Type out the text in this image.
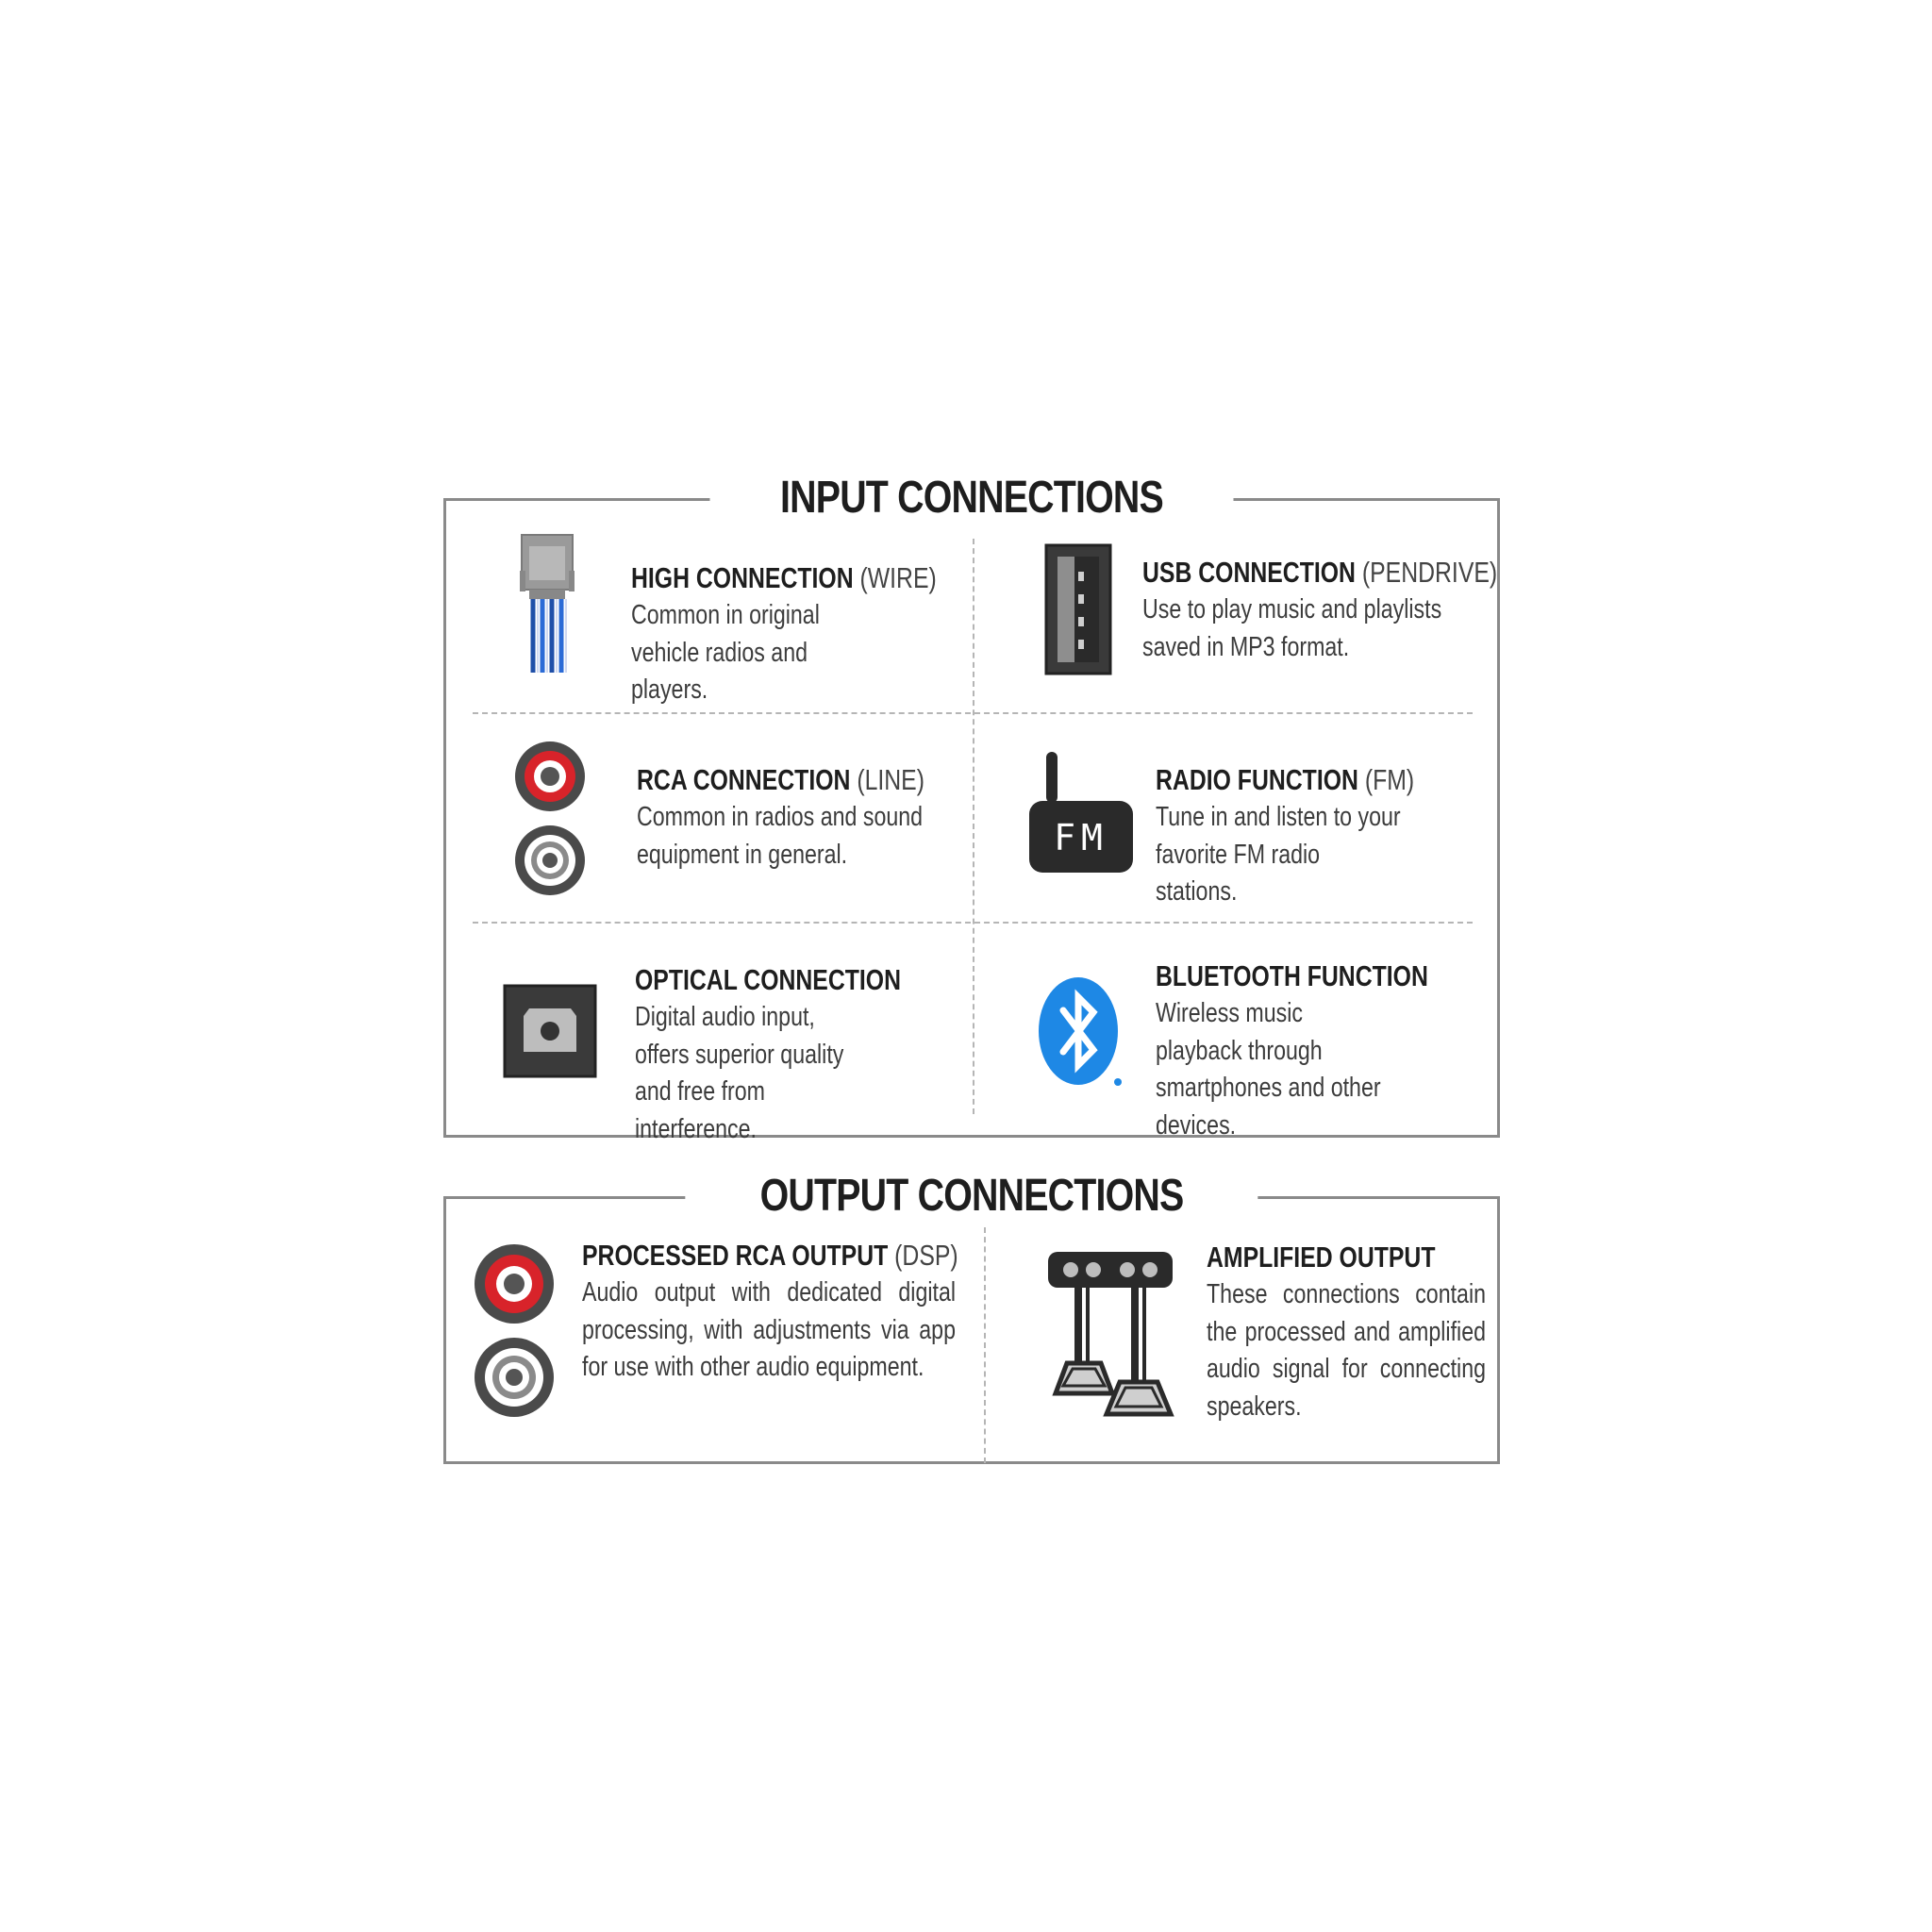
INPUT CONNECTIONS
HIGH CONNECTION (WIRE)
Common in original vehicle radios and players.
USB CONNECTION (PENDRIVE)
Use to play music and playlists saved in MP3 format.
RCA CONNECTION (LINE)
Common in radios and sound equipment in general.	FM
RADIO FUNCTION (FM)
Tune in and listen to your favorite FM radio stations.
OPTICAL CONNECTION
Digital audio input, offers superior quality and free from interference.
BLUETOOTH FUNCTION
Wireless music playback through smartphones and other devices.
OUTPUT CONNECTIONS
PROCESSED RCA OUTPUT (DSP)
Audio output with dedicated digital processing, with adjustments via app for use with other audio equipment.
AMPLIFIED OUTPUT
These connections contain the processed and amplified audio signal for connecting speakers.
